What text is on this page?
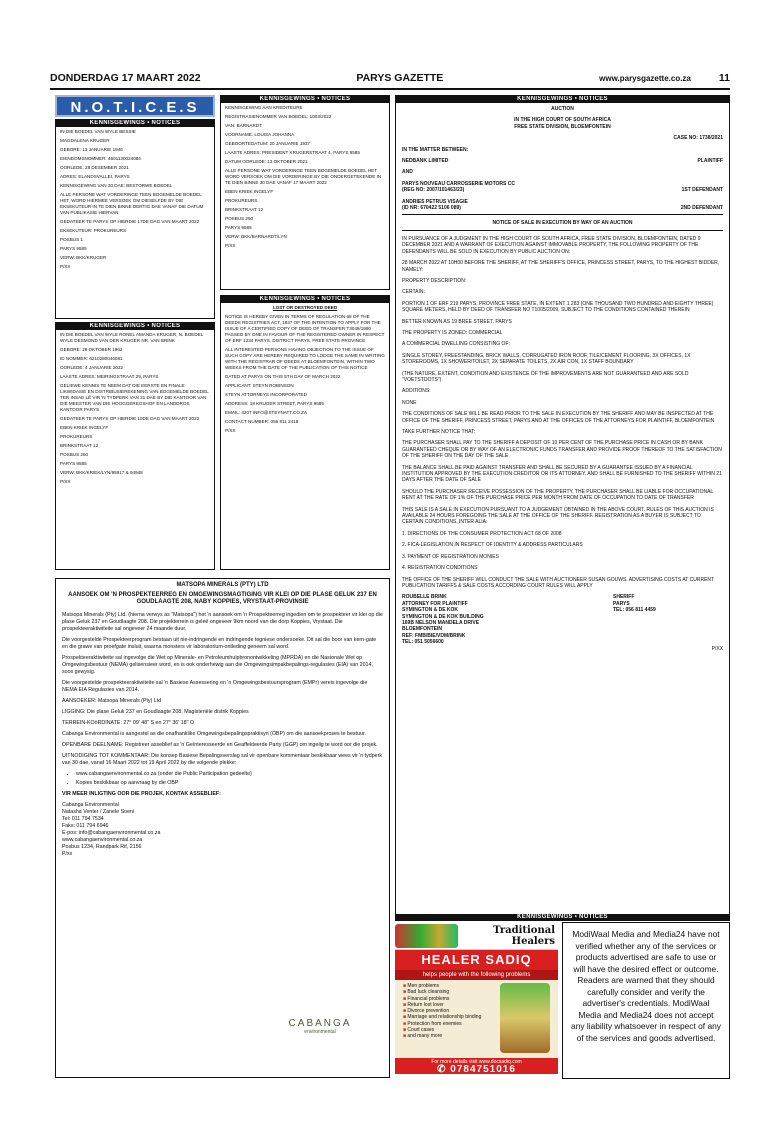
DONDERDAG 17 MAART 2022	PARYS GAZETTE	www.parysgazette.co.za	11
N.O.T.I.C.E.S
KENNISGEWINGS • NOTICES

IN DIE BOEDEL VAN WYLE BESSIE

MAGDALENA KRUGER

GEBORE: 13 JANUARIE 1946

EIENDOMSNOMMER: 4601130024084

OORLEDE: 28 DESEMBER 2021

ADRES: ELANDSVALLEI, PARYS

KENNISGEWING VAN 30 DAE: BESTORWE BOEDEL

ALLE PERSONE WAT VORDERINGE TEEN BOGEMELDE BOEDEL HET, WORD HIERMEE VERSOEK OM DIESELFDE BY DIE EKSEKUTEUR IN TE DIEN BINNE DERTIG DAE VANAF DIE DATUM VAN PUBLIKASIE HIERVAN

GEDATEER TE PARYS OP HIERDIE 17DE DAG VAN MAART 2022

EKSEKUTEUR: PROKUREURS

POSBUS 1

PARYS 9585

VERW: BKK/KRUGER

P/XX

KENNISGEWINGS • NOTICES

IN DIE BOEDEL VAN WYLE RONEL AMANDA KRUGER, N. BOEDEL WYLE DESMOND VAN DER KRUGER NR. VAN BRINK

GEBORE: 28 OKTOBER 1962

ID NOMMER: 6210280046081

OORLEDE: 4 JANUARIE 2022

LAASTE ADRES: MEIRINGSTRAAT 29, PARYS

GELIEWE KENNIS TE NEEM DAT DIE EERSTE EN FINALE LIKWIDASIE EN DISTRIBUSIEREKENING VAN BOGEMELDE BOEDEL TER INSAE LÊ VIR 'N TYDPERK VAN 21 DAE BY DIE KANTOOR VAN DIE MEESTER VAN DIE HOOGGEREGSHOF EN LANDDROS KANTOOR PARYS

GEDATEER TE PARYS OP HIERDIE 10DE DAG VAN MAART 2022

EBEN KRIEK INGELYF

PROKUREURS

BRINKSTRAAT 12

POSBUS 250

PARYS 9585

VERW: BKK/KRIEK/LYN/95917 & 94948

P/XX

KENNISGEWINGS • NOTICES

KENNISGEWING AAN KREDITEURE

REGISTRASIENOMMER VAN BOEDEL: 1003/2022

VAN: BARNARDT

VOORNAME: LOUISA JOHANNA

GEBOORTEDATUM: 20 JANUARIE 1937

LAASTE ADRES: PRESIDENT KRUGERSTRAAT 4, PARYS 9585

DATUM OORLEDE: 13 OKTOBER 2021

ALLE PERSONE WAT VORDERINGE TEEN BOGEMELDE BOEDEL HET WORD VERSOEK OM DIE VORDERINGE BY DIE ONDERGETEKENDE IN TE DIEN BINNE 30 DAE VANAF 17 MAART 2022

EBEN KRIEK INGELYF

PROKUREURS

BRINKSTRAAT 12

POSBUS 250

PARYS 9585

VERW: BKK/BARNARDT/LYN

P/XX

KENNISGEWINGS • NOTICES

LOST OR DESTROYED DEED

NOTICE IS HEREBY GIVEN IN TERMS OF REGULATION 68 OF THE DEEDS REGISTRIES ACT, 1937 OF THE INTENTION TO APPLY FOR THE ISSUE OF A CERTIFIED COPY OF DEED OF TRANSFER T3049/1980 PASSED BY ONE IN FAVOUR OF THE REGISTERED OWNER IN RESPECT OF ERF 1234 PARYS, DISTRICT PARYS, FREE STATE PROVINCE

ALL INTERESTED PERSONS HAVING OBJECTION TO THE ISSUE OF SUCH COPY ARE HEREBY REQUIRED TO LODGE THE SAME IN WRITING WITH THE REGISTRAR OF DEEDS AT BLOEMFONTEIN, WITHIN TWO WEEKS FROM THE DATE OF THE PUBLICATION OF THIS NOTICE

DATED AT PARYS ON THIS 5TH DAY OF MARCH 2022

APPLICANT: STEYN ROBINSON

STEYN ATTORNEYS INCORPORATED

ADDRESS: 18 KRUGER STREET, PARYS 9585

EMAIL: 4207 INFO@STEYNATT.CO.ZA

CONTACT NUMBER: 056 811 2418

P/XX

KENNISGEWINGS • NOTICES

AUCTION

IN THE HIGH COURT OF SOUTH AFRICA

FREE STATE DIVISION, BLOEMFONTEIN

CASE NO: 1738/2021

IN THE MATTER BETWEEN:

NEDBANK LIMITED	PLAINTIFF

AND

PARYS NOUVEAU CARROSSERIE MOTORS CC

(REG NO: 2007/101463/23)	1ST DEFENDANT

ANDRIES PETRUS VISAGIE

(ID NR: 670422 5106 089)	2ND DEFENDANT

NOTICE OF SALE IN EXECUTION BY WAY OF AN AUCTION

IN PURSUANCE OF A JUDGMENT IN THE HIGH COURT OF SOUTH AFRICA, FREE STATE DIVISION, BLOEMFONTEIN, DATED 9 DECEMBER 2021 AND A WARRANT OF EXECUTION AGAINST IMMOVABLE PROPERTY, THE FOLLOWING PROPERTY OF THE DEFENDANTS WILL BE SOLD IN EXECUTION BY PUBLIC AUCTION ON:

28 MARCH 2022 AT 10H00 BEFORE THE SHERIFF, AT THE SHERIFF'S OFFICE, PRINCESS STREET, PARYS, TO THE HIGHEST BIDDER, NAMELY:

PROPERTY DESCRIPTION:

CERTAIN:

PORTION 1 OF ERF 219 PARYS, PROVINCE FREE STATE, IN EXTENT 1 283 (ONE THOUSAND TWO HUNDRED AND EIGHTY THREE) SQUARE METERS, HELD BY DEED OF TRANSFER NO T1005/2009, SUBJECT TO THE CONDITIONS CONTAINED THEREIN

BETTER KNOWN AS 19 BREE STREET, PARYS

THE PROPERTY IS ZONED: COMMERCIAL

A COMMERCIAL DWELLING CONSISTING OF:

SINGLE STOREY, FREESTANDING, BRICK WALLS, CORRUGATED IRON ROOF, TILE/CEMENT FLOORING, 3X OFFICES, 1X STOREROOMS, 1X SHOWER/TOILET, 2X SEPARATE TOILETS, 2X AIR CON, 1X STAFF BOUNDARY

(THE NATURE, EXTENT, CONDITION AND EXISTENCE OF THE IMPROVEMENTS ARE NOT GUARANTEED AND ARE SOLD "VOETSTOOTS")

ADDITIONS:

NONE

THE CONDITIONS OF SALE WILL BE READ PRIOR TO THE SALE IN EXECUTION BY THE SHERIFF AND MAY BE INSPECTED AT THE OFFICE OF THE SHERIFF, PRINCESS STREET, PARYS AND AT THE OFFICES OF THE ATTORNEYS FOR PLAINTIFF, BLOEMFONTEIN

TAKE FURTHER NOTICE THAT:

THE PURCHASER SHALL PAY TO THE SHERIFF A DEPOSIT OF 10 PER CENT OF THE PURCHASE PRICE IN CASH OR BY BANK GUARANTEED CHEQUE OR BY WAY OF AN ELECTRONIC FUNDS TRANSFER AND PROVIDE PROOF THEREOF TO THE SATISFACTION OF THE SHERIFF ON THE DAY OF THE SALE

THE BALANCE SHALL BE PAID AGAINST TRANSFER AND SHALL BE SECURED BY A GUARANTEE ISSUED BY A FINANCIAL INSTITUTION APPROVED BY THE EXECUTION CREDITOR OR ITS ATTORNEY, AND SHALL BE FURNISHED TO THE SHERIFF WITHIN 21 DAYS AFTER THE DATE OF SALE

SHOULD THE PURCHASER RECEIVE POSSESSION OF THE PROPERTY, THE PURCHASER SHALL BE LIABLE FOR OCCUPATIONAL RENT AT THE RATE OF 1% OF THE PURCHASE PRICE PER MONTH FROM DATE OF OCCUPATION TO DATE OF TRANSFER

THIS SALE IS A SALE IN EXECUTION PURSUANT TO A JUDGEMENT OBTAINED IN THE ABOVE COURT. RULES OF THIS AUCTION IS AVAILABLE 24 HOURS FOREGOING THE SALE AT THE OFFICE OF THE SHERIFF. REGISTRATION AS A BUYER IS SUBJECT TO CERTAIN CONDITIONS, INTER ALIA:

1. DIRECTIONS OF THE CONSUMER PROTECTION ACT 68 OF 2008

2. FICA-LEGISLATION IN RESPECT OF IDENTITY & ADDRESS PARTICULARS

3. PAYMENT OF REGISTRATION MONIES

4. REGISTRATION CONDITIONS

THE OFFICE OF THE SHERIFF WILL CONDUCT THE SALE WITH AUCTIONEER SUSAN GOUWS. ADVERTISING COSTS AT CURRENT PUBLICATION TARIFFS & SALE COSTS ACCORDING COURT RULES WILL APPLY

ROUBELLE BRINK
ATTORNEY FOR PLAINTIFF
SYMINGTON & DE KOK
SYMINGTON & DE KOK BUILDING
169B NELSON MANDELA DRIVE
BLOEMFONTEIN
REF: FMB/BIE/VDM/BRINK
TEL: 051 5056600
SHERIFF
PARYS
TEL: 056 811 4459

P/XX

MATSOPA MINERALS (PTY) LTD

AANSOEK OM 'N PROSPEKTEERREG EN OMGEWINGSMAGTIGING VIR KLEI OP DIE PLASE GELUK 237 EN GOUDLAAGTE 208, NABY KOPPIES, VRYSTAAT-PROVINSIE

Matsopa Minerals (Pty) Ltd. (hierna verwys as "Matsopa") het 'n aansoek om 'n Prospekteerreg ingedien om te prospekteer vir klei op die plase Geluk 237 en Goudlaagte 208. Die projekterrein is geleë ongeveer 9km noord van die dorp Koppies, Vrystaat. Die prospekteeraktiwiteite sal ongeveer 24 maande duur.

Die voorgestelde Prospekteerprogram bestaan uit nie-indringende en indringende tegniese ondersoeke. Dit sal die boor van kern-gate en die grawe van proefgate insluit, waarna monsters vir laboratorium-ontleding geneem sal word.

Prospekteeraktiwiteite sal ingevolge die Wet op Minerale- en Petroleumhulpbronontwikkeling (MPRDA) en die Nasionale Wet op Omgewingsbestuur (NEMA) gelisensieer word, en is ook onderhewig aan die Omgewingsimpakbepalings-regulasies (EIA) van 2014, soos gewysig.

Die voorgestelde prospekteeraktiwiteite sal 'n Basiese Assessering en 'n Omgewingsbestuursprogram (EMPr) vereis ingevolge die NEMA EIA Regulasies van 2014.

AANSOEKER: Matsopa Minerals (Pty) Ltd

LIGGING: Die plase Geluk 237 en Goudlaagte 208, Magisteriële distrik Koppies

TERREIN-KOöRDINATE: 27° 09' 48" S en 27° 36' 18" O

Cabanga Environmental is aangestel as die onafhanklike Omgewingsbepalingspraktisyn (OBP) om die aansoekproses te bestuur.

OPENBARE DEELNAME: Registreer asseblief as 'n Geïnteresseerde en Geaffekteerde Party (GGP) om ingelig te word oor die projek.

UITNODIGING TOT KOMMENTAAR: Die konsep Basiese Bepalingsverslag sal vir openbare kommentaar beskikbaar wees vir 'n tydperk van 30 dae, vanaf 16 Maart 2022 tot 19 April 2022 by die volgende plekke:

• www.cabangaenvironmental.co.za (onder die Public Participation gedeelte)
• Kopies beskikbaar op aanvraag by die OBP

VIR MEER INLIGTING OOR DIE PROJEK, KONTAK ASSEBLIEF:

Cabanga Environmental
Natasha Venter / Zanele Soeni
Tel: 011 794 7534
Faks: 011 794 6946
E-pos: info@cabangaenvironmental.co.za
www.cabangaenvironmental.co.za
Posbus 1234, Randpark Rif, 2156
P/xx
CABANGA
environmental
KENNISGEWINGS • NOTICES
Traditional Healers
HEALER SADIQ
helps people with the following problems
■ Men problems
■ Bad luck cleansing
■ Financial problems
■ Return lost lover
■ Divorce prevention
■ Marriage and relationship binding
■ Protection from enemies
■ Court cases
■ and many more
For more details visit www.docsadiq.com
✆ 0784751016
ModiWaal Media and Media24 have not verified whether any of the services or products advertised are safe to use or will have the desired effect or outcome. Readers are warned that they should carefully consider and verify the advertiser's credentials. ModiWaal Media and Media24 does not accept any liability whatsoever in respect of any of the services and goods advertised.
